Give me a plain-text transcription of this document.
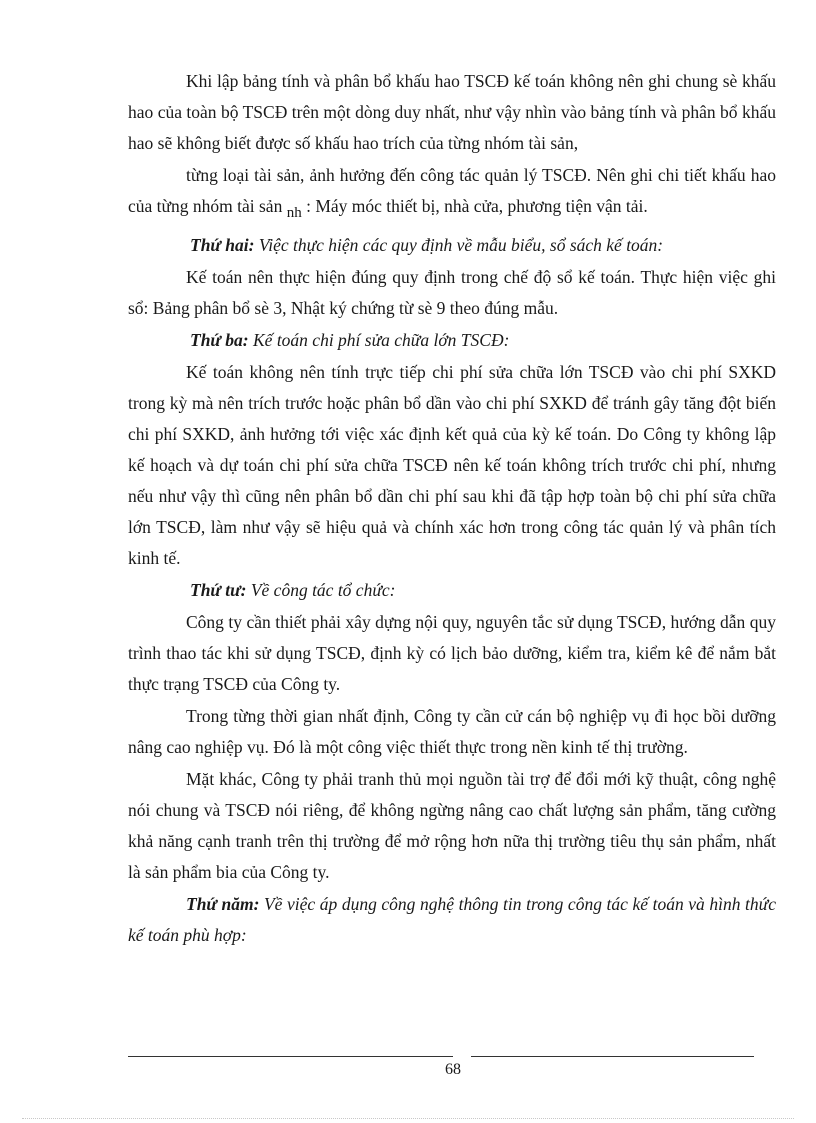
Khi lập bảng tính và phân bổ khấu hao TSCĐ kế toán không nên ghi chung sè khấu hao của toàn bộ TSCĐ trên một dòng duy nhất, như vậy nhìn vào bảng tính và phân bổ khấu hao sẽ không biết được số khấu hao trích của từng nhóm tài sản,

từng loại tài sản, ảnh hưởng đến công tác quản lý TSCĐ. Nên ghi chi tiết khấu hao của từng nhóm tài sản nh : Máy móc thiết bị, nhà cửa, phương tiện vận tải.

Thứ hai: Việc thực hiện các quy định về mẫu biểu, sổ sách kế toán:

Kế toán nên thực hiện đúng quy định trong chế độ sổ kế toán. Thực hiện việc ghi sổ: Bảng phân bổ sè 3, Nhật ký chứng từ sè 9 theo đúng mẫu.

Thứ ba: Kế toán chi phí sửa chữa lớn TSCĐ:

Kế toán không nên tính trực tiếp chi phí sửa chữa lớn TSCĐ vào chi phí SXKD trong kỳ mà nên trích trước hoặc phân bổ dần vào chi phí SXKD để tránh gây tăng đột biến chi phí SXKD, ảnh hưởng tới việc xác định kết quả của kỳ kế toán. Do Công ty không lập kế hoạch và dự toán chi phí sửa chữa TSCĐ nên kế toán không trích trước chi phí, nhưng nếu như vậy thì cũng nên phân bổ dần chi phí sau khi đã tập hợp toàn bộ chi phí sửa chữa lớn TSCĐ, làm như vậy sẽ hiệu quả và chính xác hơn trong công tác quản lý và phân tích kinh tế.

Thứ tư: Về công tác tổ chức:

Công ty cần thiết phải xây dựng nội quy, nguyên tắc sử dụng TSCĐ, hướng dẫn quy trình thao tác khi sử dụng TSCĐ, định kỳ có lịch bảo dưỡng, kiểm tra, kiểm kê để nắm bắt thực trạng TSCĐ của Công ty.

Trong từng thời gian nhất định, Công ty cần cử cán bộ nghiệp vụ đi học bồi dưỡng nâng cao nghiệp vụ. Đó là một công việc thiết thực trong nền kinh tế thị trường.

Mặt khác, Công ty phải tranh thủ mọi nguồn tài trợ để đổi mới kỹ thuật, công nghệ nói chung và TSCĐ nói riêng, để không ngừng nâng cao chất lượng sản phẩm, tăng cường khả năng cạnh tranh trên thị trường để mở rộng hơn nữa thị trường tiêu thụ sản phẩm, nhất là sản phẩm bia của Công ty.

Thứ năm: Về việc áp dụng công nghệ thông tin trong công tác kế toán và hình thức kế toán phù hợp:

68
